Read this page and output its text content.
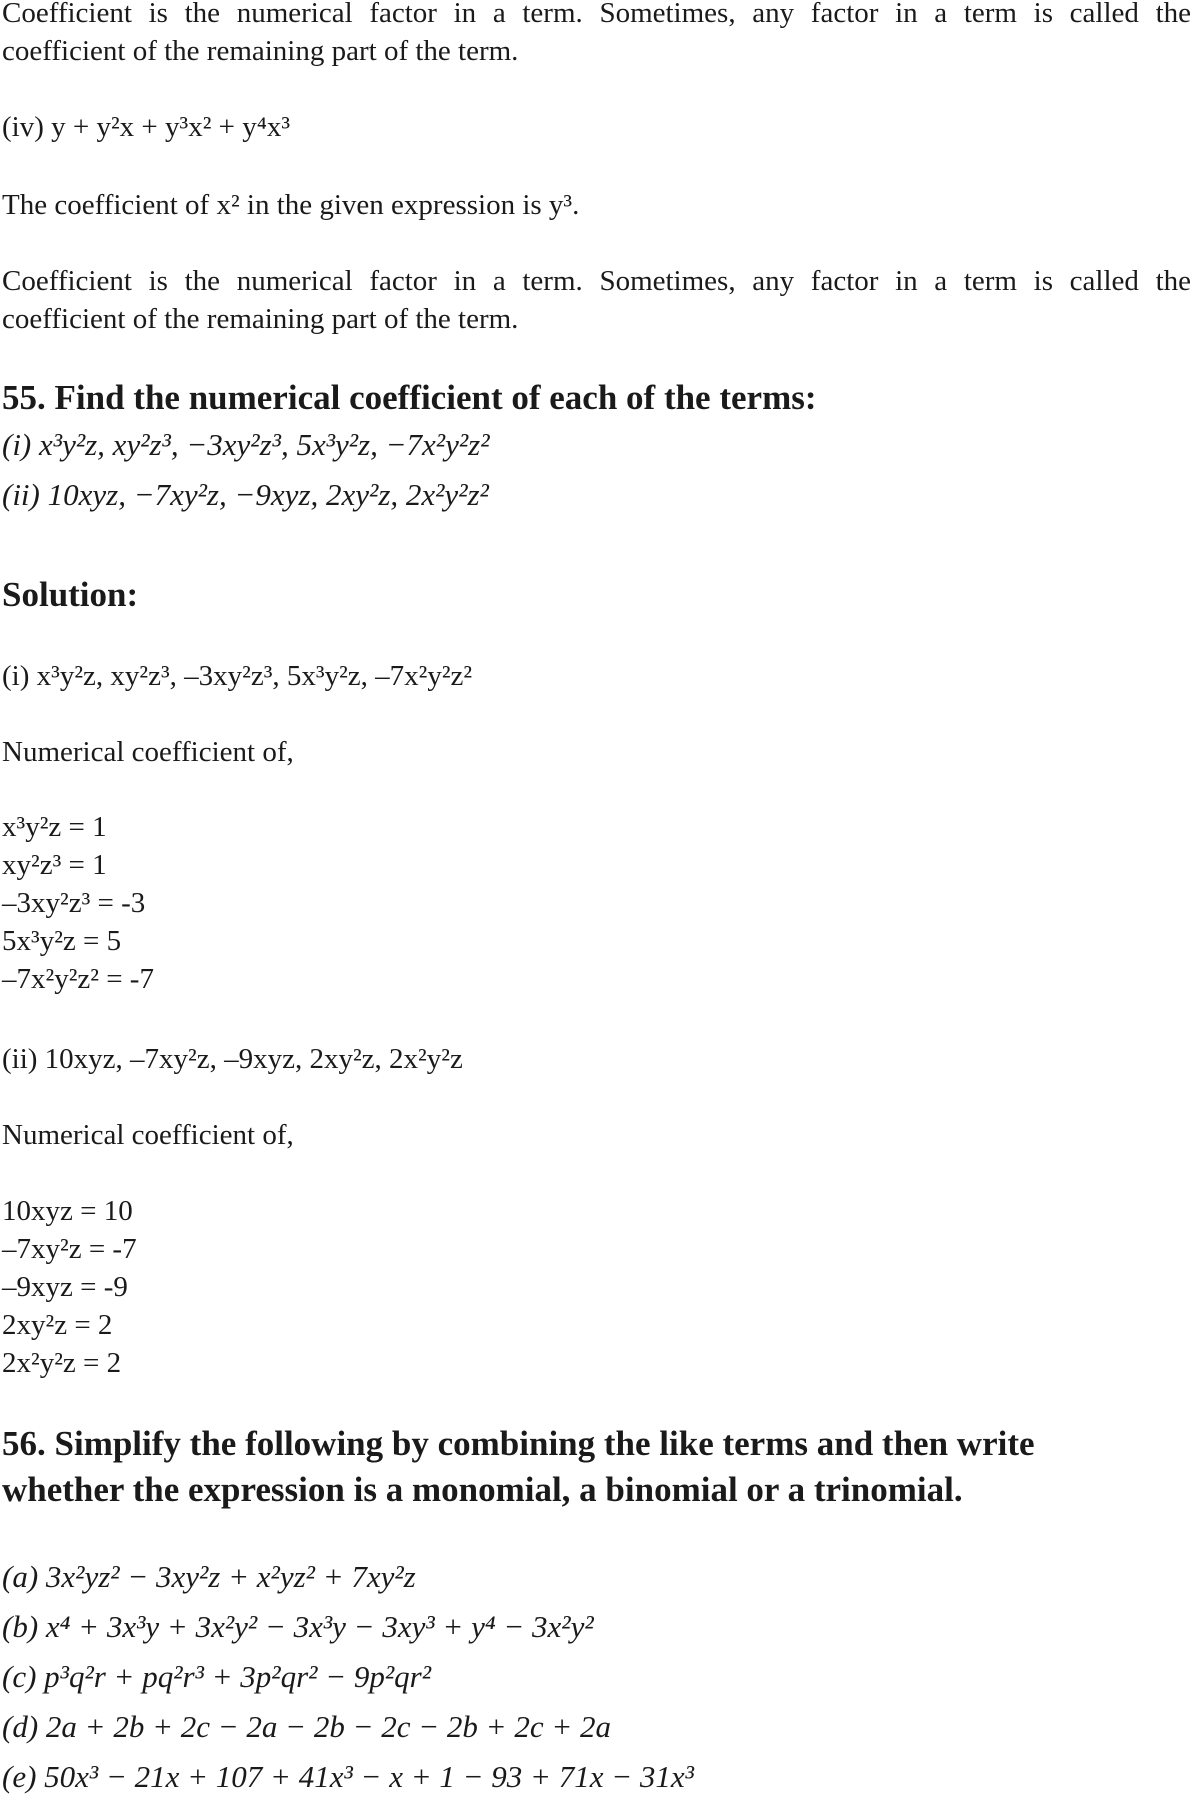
Coefficient is the numerical factor in a term. Sometimes, any factor in a term is called the

coefficient of the remaining part of the term.

(iv) y + y²x + y³x² + y⁴x³

The coefficient of x² in the given expression is y³.

Coefficient is the numerical factor in a term. Sometimes, any factor in a term is called the

coefficient of the remaining part of the term.

55. Find the numerical coefficient of each of the terms:

(i) x³y²z, xy²z³, −3xy²z³, 5x³y²z, −7x²y²z²

(ii) 10xyz, −7xy²z, −9xyz, 2xy²z, 2x²y²z²

Solution:

(i) x³y²z, xy²z³, –3xy²z³, 5x³y²z, –7x²y²z²

Numerical coefficient of,

x³y²z = 1

xy²z³ = 1

–3xy²z³ = -3

5x³y²z = 5

–7x²y²z² = -7

(ii) 10xyz, –7xy²z, –9xyz, 2xy²z, 2x²y²z

Numerical coefficient of,

10xyz = 10

–7xy²z = -7

–9xyz = -9

2xy²z = 2

2x²y²z = 2

56. Simplify the following by combining the like terms and then write

whether the expression is a monomial, a binomial or a trinomial.

(a) 3x²yz² − 3xy²z + x²yz² + 7xy²z

(b) x⁴ + 3x³y + 3x²y² − 3x³y − 3xy³ + y⁴ − 3x²y²

(c) p³q²r + pq²r³ + 3p²qr² − 9p²qr²

(d) 2a + 2b + 2c − 2a − 2b − 2c − 2b + 2c + 2a

(e) 50x³ − 21x + 107 + 41x³ − x + 1 − 93 + 71x − 31x³
